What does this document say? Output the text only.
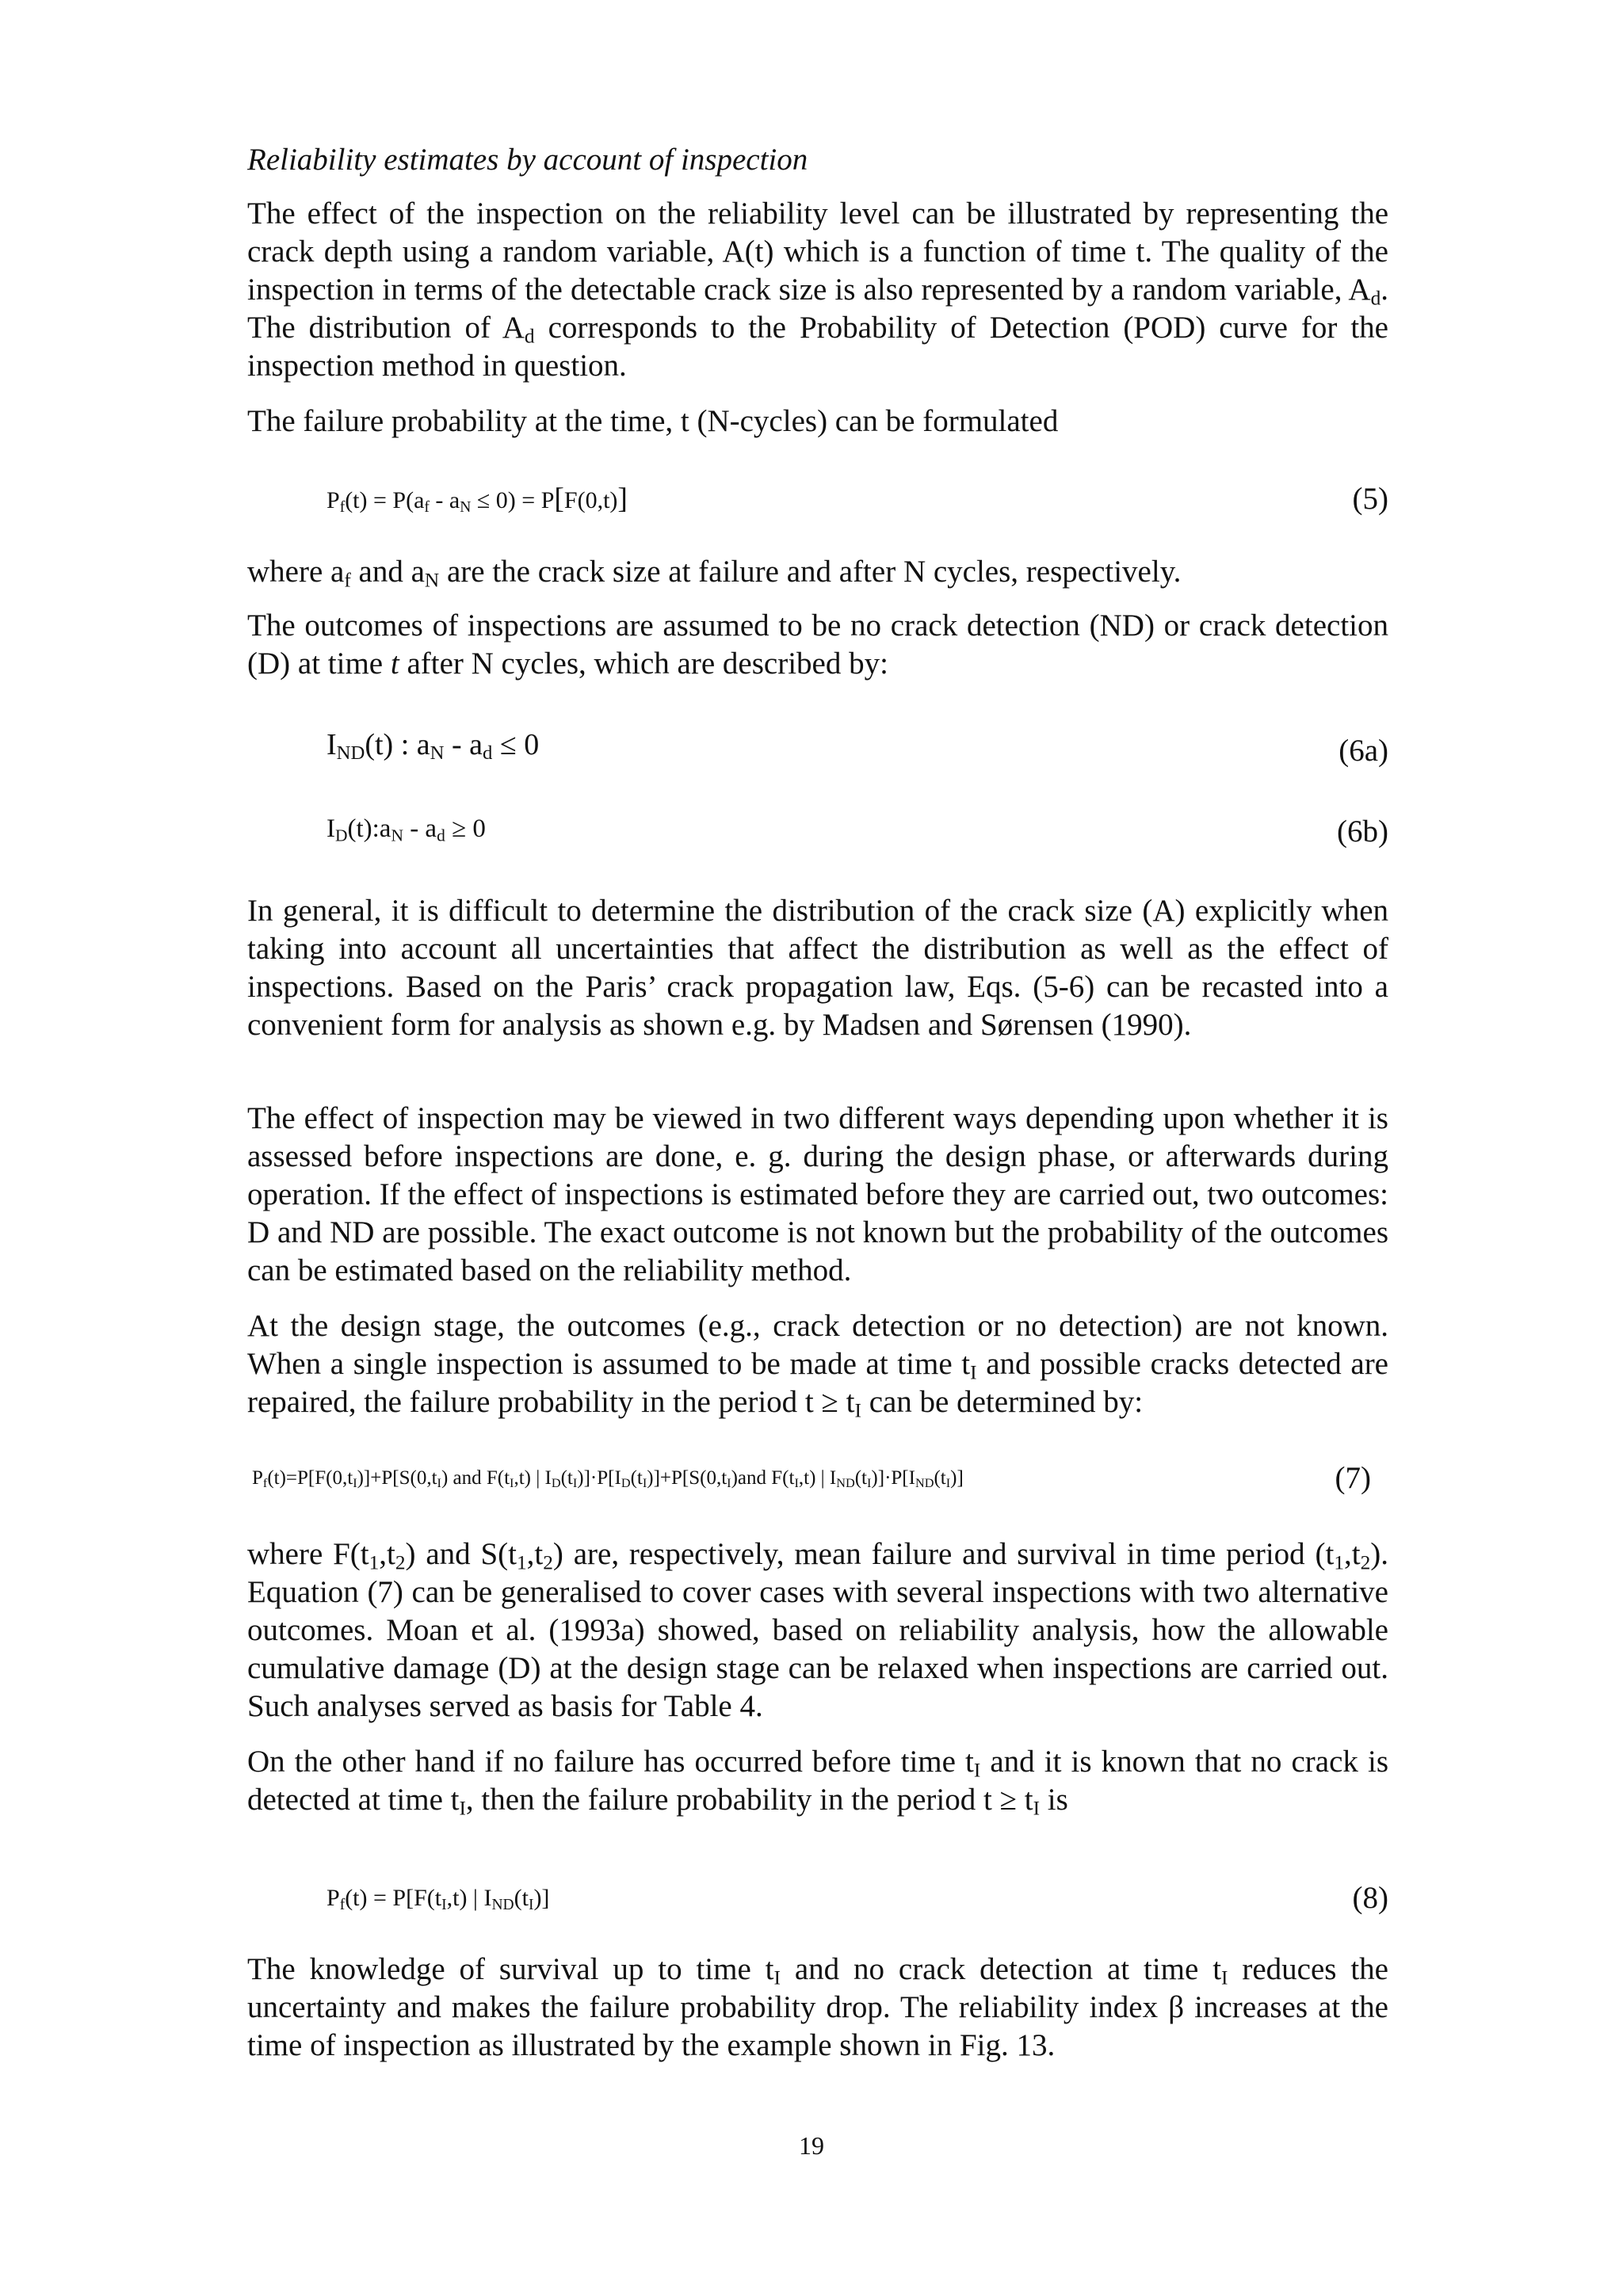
Reliability estimates by account of inspection

The effect of the inspection on the reliability level can be illustrated by representing the crack depth using a random variable, A(t) which is a function of time t. The quality of the inspection in terms of the detectable crack size is also represented by a random variable, $A_d$. The distribution of $A_d$ corresponds to the Probability of Detection (POD) curve for the inspection method in question.

The failure probability at the time, t (N-cycles) can be formulated

$P_f(t) = P(a_f - a_N \le 0) = P[F(0,t)]$	(5)

where $a_f$ and $a_N$ are the crack size at failure and after N cycles, respectively.

The outcomes of inspections are assumed to be no crack detection (ND) or crack detection (D) at time t after N cycles, which are described by:

$I_{ND}(t)$ : $a_N - a_d \le 0$	(6a)
$I_D(t):a_N - a_d \ge 0$	(6b)

In general, it is difficult to determine the distribution of the crack size (A) explicitly when taking into account all uncertainties that affect the distribution as well as the effect of inspections. Based on the Paris’ crack propagation law, Eqs. (5-6) can be recasted into a convenient form for analysis as shown e.g. by Madsen and Sørensen (1990).

The effect of inspection may be viewed in two different ways depending upon whether it is assessed before inspections are done, e. g. during the design phase, or afterwards during operation. If the effect of inspections is estimated before they are carried out, two outcomes: D and ND are possible. The exact outcome is not known but the probability of the outcomes can be estimated based on the reliability method.

At the design stage, the outcomes (e.g., crack detection or no detection) are not known. When a single inspection is assumed to be made at time $t_I$ and possible cracks detected are repaired, the failure probability in the period $t \ge t_I$ can be determined by:

$P_f(t)=P[F(0,t_I)]+P[S(0,t_I)$ and $F(t_I,t)$ | $I_D(t_I)]\cdot P[I_D(t_I)]+P[S(0,t_I)and$ $F(t_I,t)$ | $I_{ND}(t_I)]\cdot P[I_{ND}(t_I)]$	(7)

where $F(t_1,t_2)$ and $S(t_1,t_2)$ are, respectively, mean failure and survival in time period $(t_1,t_2)$. Equation (7) can be generalised to cover cases with several inspections with two alternative outcomes. Moan et al. (1993a) showed, based on reliability analysis, how the allowable cumulative damage (D) at the design stage can be relaxed when inspections are carried out. Such analyses served as basis for Table 4.

On the other hand if no failure has occurred before time $t_I$ and it is known that no crack is detected at time $t_I$, then the failure probability in the period $t \ge t_I$ is

$P_f(t) = P[F(t_I,t)$ | $I_{ND}(t_I)$]	(8)

The knowledge of survival up to time $t_I$ and no crack detection at time $t_I$ reduces the uncertainty and makes the failure probability drop. The reliability index β increases at the time of inspection as illustrated by the example shown in Fig. 13.

19
